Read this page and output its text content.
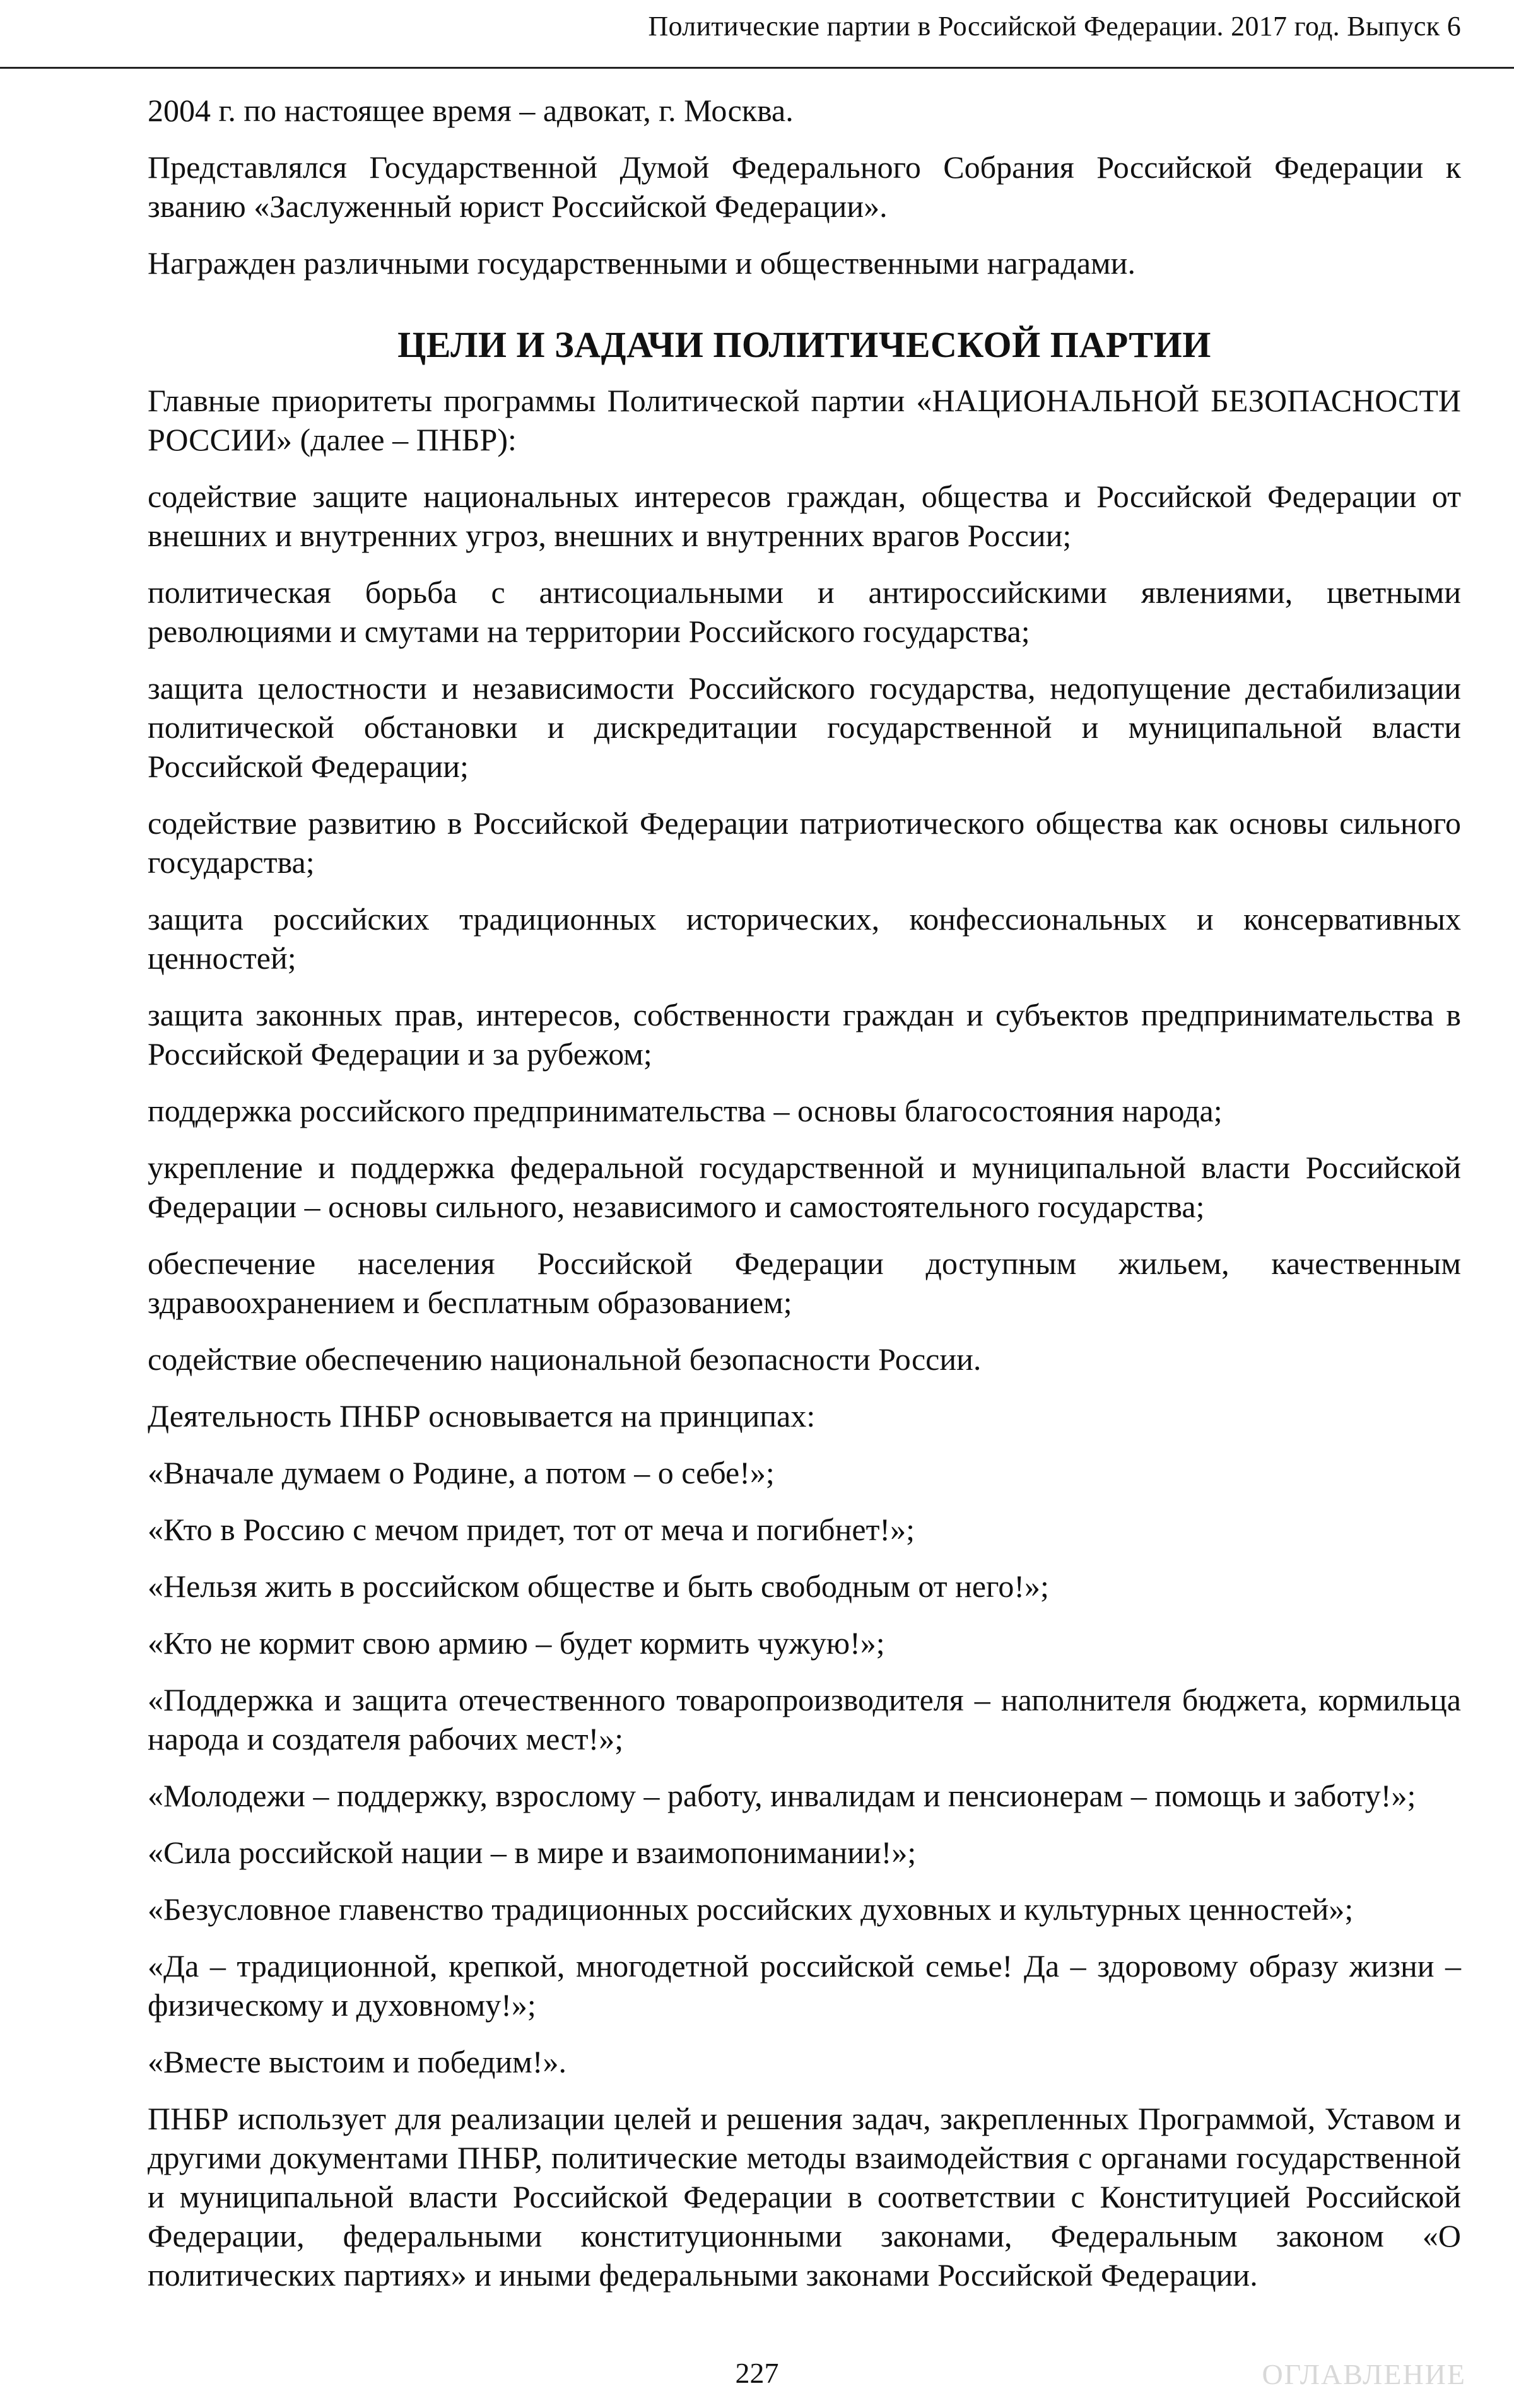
Политические партии в Российской Федерации. 2017 год. Выпуск 6

2004 г. по настоящее время – адвокат, г. Москва.

Представлялся Государственной Думой Федерального Собрания Российской Федерации к званию «Заслуженный юрист Российской Федерации».

Награжден различными государственными и общественными наградами.

ЦЕЛИ И ЗАДАЧИ ПОЛИТИЧЕСКОЙ ПАРТИИ

Главные приоритеты программы Политической партии «НАЦИОНАЛЬНОЙ БЕЗОПАСНОСТИ РОССИИ» (далее – ПНБР):

содействие защите национальных интересов граждан, общества и Российской Федерации от внешних и внутренних угроз, внешних и внутренних врагов России;

политическая борьба с антисоциальными и антироссийскими явлениями, цветными революциями и смутами на территории Российского государства;

защита целостности и независимости Российского государства, недопущение дестабилизации политической обстановки и дискредитации государственной и муниципальной власти Российской Федерации;

содействие развитию в Российской Федерации патриотического общества как основы сильного государства;

защита российских традиционных исторических, конфессиональных и консервативных ценностей;

защита законных прав, интересов, собственности граждан и субъектов предпринимательства в Российской Федерации и за рубежом;

поддержка российского предпринимательства – основы благосостояния народа;

укрепление и поддержка федеральной государственной и муниципальной власти Российской Федерации – основы сильного, независимого и самостоятельного государства;

обеспечение населения Российской Федерации доступным жильем, качественным здравоохранением и бесплатным образованием;

содействие обеспечению национальной безопасности России.

Деятельность ПНБР основывается на принципах:

«Вначале думаем о Родине, а потом – о себе!»;

«Кто в Россию с мечом придет, тот от меча и погибнет!»;

«Нельзя жить в российском обществе и быть свободным от него!»;

«Кто не кормит свою армию – будет кормить чужую!»;

«Поддержка и защита отечественного товаропроизводителя – наполнителя бюджета, кормильца народа и создателя рабочих мест!»;

«Молодежи – поддержку, взрослому – работу, инвалидам и пенсионерам – помощь и заботу!»;

«Сила российской нации – в мире и взаимопонимании!»;

«Безусловное главенство традиционных российских духовных и культурных ценностей»;

«Да – традиционной, крепкой, многодетной российской семье! Да – здоровому образу жизни – физическому и духовному!»;

«Вместе выстоим и победим!».

ПНБР использует для реализации целей и решения задач, закрепленных Программой, Уставом и другими документами ПНБР, политические методы взаимодействия с органами государственной и муниципальной власти Российской Федерации в соответствии с Конституцией Российской Федерации, федеральными конституционными законами, Федеральным законом «О политических партиях» и иными федеральными законами Российской Федерации.

227	ОГЛАВЛЕНИЕ
